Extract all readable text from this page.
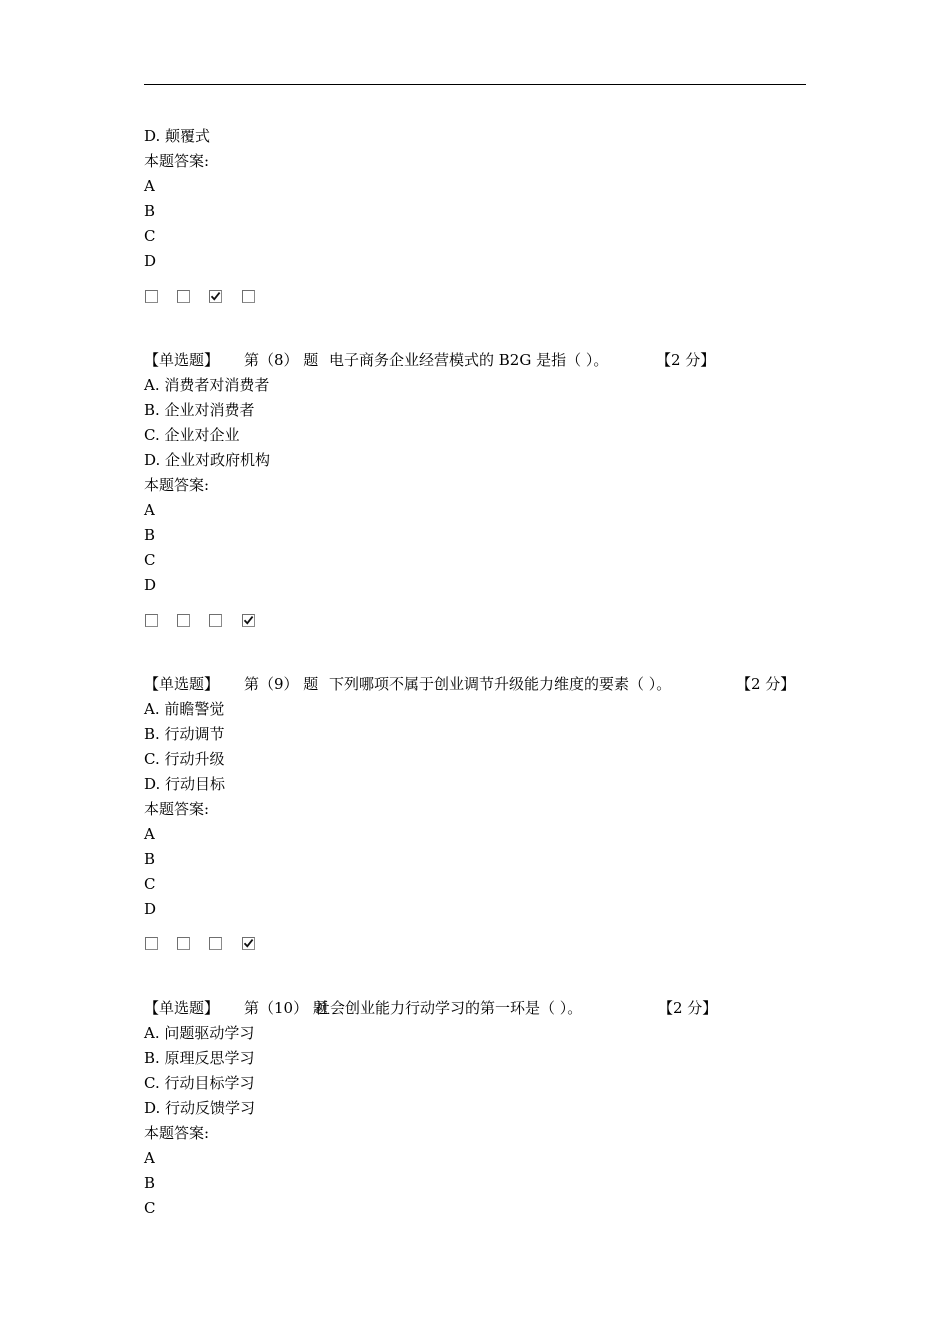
D. 颠覆式
本题答案:
A
B
C
D
【单选题】 第（8） 题 电子商务企业经营模式的 B2G 是指（ ）。	【2 分】
A. 消费者对消费者
B. 企业对消费者
C. 企业对企业
D. 企业对政府机构
本题答案:
A
B
C
D
【单选题】 第（9） 题 下列哪项不属于创业调节升级能力维度的要素（ ）。	【2 分】
A. 前瞻警觉
B. 行动调节
C. 行动升级
D. 行动目标
本题答案:
A
B
C
D
【单选题】 第（10） 题
社会创业能力行动学习的第一环是（ ）。	【2 分】
A. 问题驱动学习
B. 原理反思学习
C. 行动目标学习
D. 行动反馈学习
本题答案:
A
B
C
